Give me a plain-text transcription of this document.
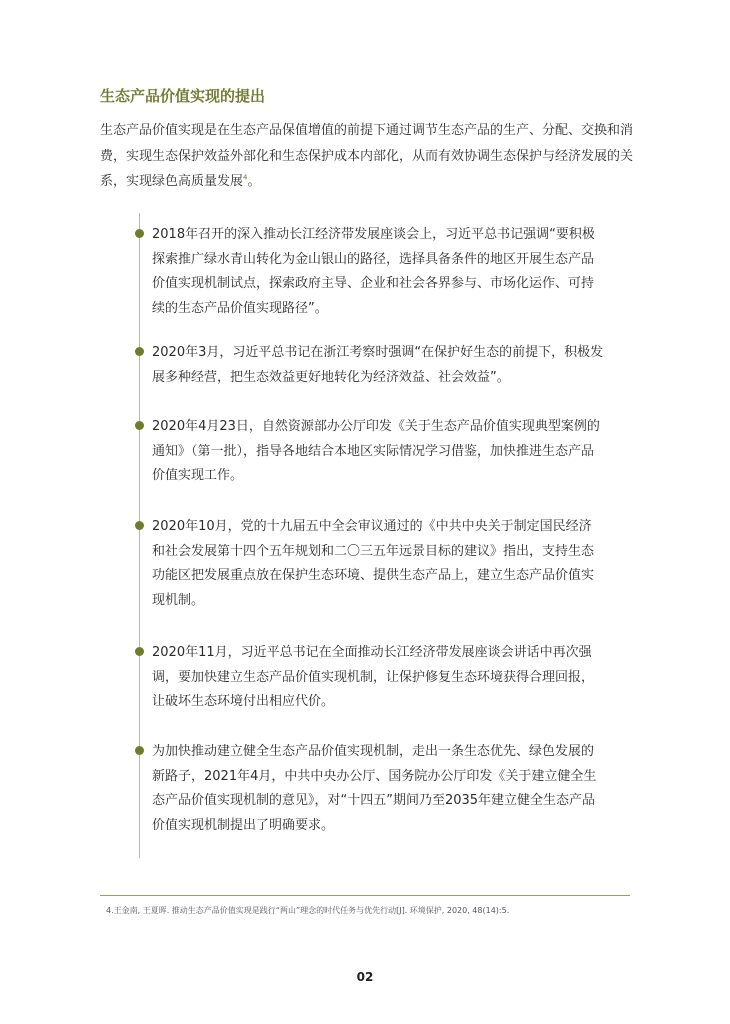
生态产品价值实现的提出

生态产品价值实现是在生态产品保值增值的前提下通过调节生态产品的生产、分配、交换和消费，实现生态保护效益外部化和生态保护成本内部化，从而有效协调生态保护与经济发展的关系，实现绿色高质量发展$^4$。

2018年召开的深入推动长江经济带发展座谈会上，习近平总书记强调“要积极探索推广绿水青山转化为金山银山的路径，选择具备条件的地区开展生态产品价值实现机制试点，探索政府主导、企业和社会各界参与、市场化运作、可持续的生态产品价值实现路径”。

2020年3月，习近平总书记在浙江考察时强调“在保护好生态的前提下，积极发展多种经营，把生态效益更好地转化为经济效益、社会效益”。

2020年4月23日，自然资源部办公厅印发《关于生态产品价值实现典型案例的通知》（第一批），指导各地结合本地区实际情况学习借鉴，加快推进生态产品价值实现工作。

2020年10月，党的十九届五中全会审议通过的《中共中央关于制定国民经济和社会发展第十四个五年规划和二〇三五年远景目标的建议》指出，支持生态功能区把发展重点放在保护生态环境、提供生态产品上，建立生态产品价值实现机制。

2020年11月，习近平总书记在全面推动长江经济带发展座谈会讲话中再次强调，要加快建立生态产品价值实现机制，让保护修复生态环境获得合理回报，让破坏生态环境付出相应代价。

为加快推动建立健全生态产品价值实现机制，走出一条生态优先、绿色发展的新路子，2021年4月，中共中央办公厅、国务院办公厅印发《关于建立健全生态产品价值实现机制的意见》，对“十四五”期间乃至2035年建立健全生态产品价值实现机制提出了明确要求。

4.王金南, 王夏晖. 推动生态产品价值实现是践行“两山”理念的时代任务与优先行动[J]. 环境保护, 2020, 48(14):5.

02
